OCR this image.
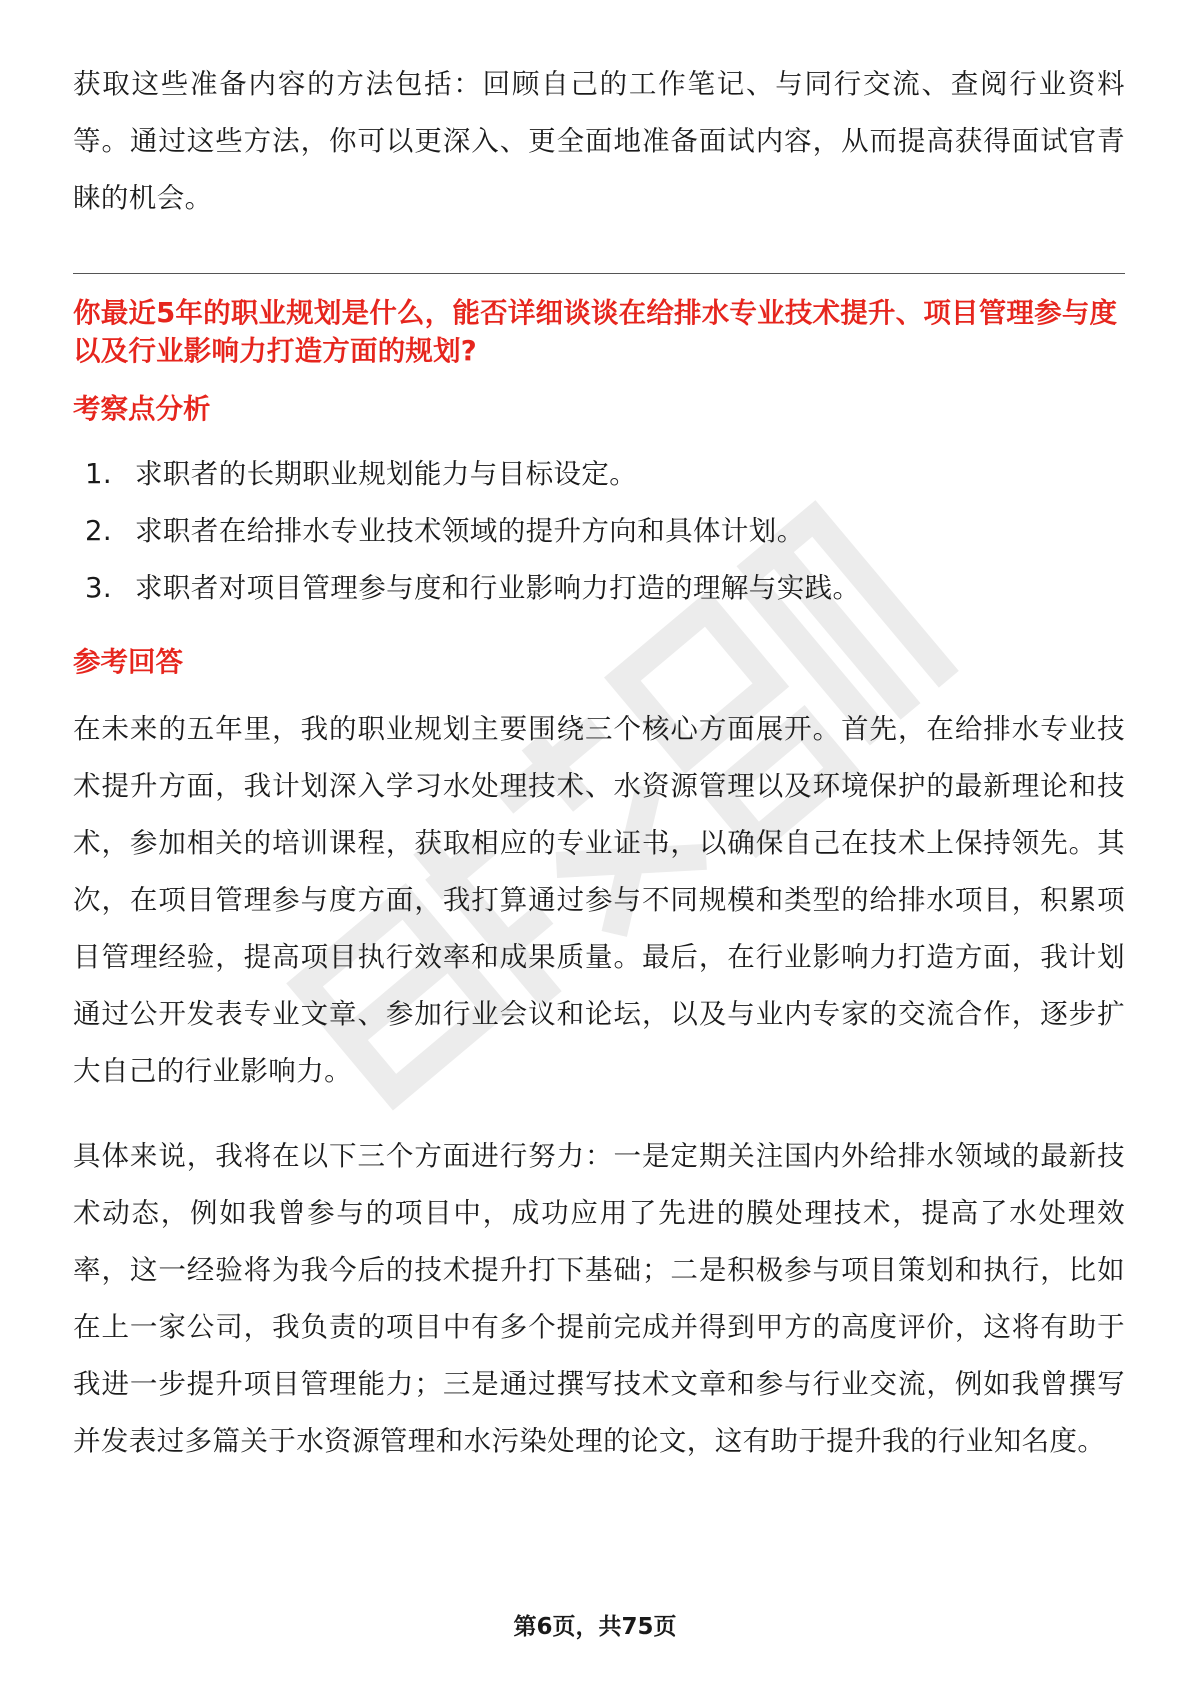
获取这些准备内容的方法包括：回顾自己的工作笔记、与同行交流、查阅行业资料等。通过这些方法，你可以更深入、更全面地准备面试内容，从而提高获得面试官青睐的机会。

你最近5年的职业规划是什么，能否详细谈谈在给排水专业技术提升、项目管理参与度以及行业影响力打造方面的规划?

考察点分析
1. 求职者的长期职业规划能力与目标设定。
2. 求职者在给排水专业技术领域的提升方向和具体计划。
3. 求职者对项目管理参与度和行业影响力打造的理解与实践。
参考回答

在未来的五年里，我的职业规划主要围绕三个核心方面展开。首先，在给排水专业技术提升方面，我计划深入学习水处理技术、水资源管理以及环境保护的最新理论和技术，参加相关的培训课程，获取相应的专业证书，以确保自己在技术上保持领先。其次，在项目管理参与度方面，我打算通过参与不同规模和类型的给排水项目，积累项目管理经验，提高项目执行效率和成果质量。最后，在行业影响力打造方面，我计划通过公开发表专业文章、参加行业会议和论坛，以及与业内专家的交流合作，逐步扩大自己的行业影响力。

具体来说，我将在以下三个方面进行努力：一是定期关注国内外给排水领域的最新技术动态，例如我曾参与的项目中，成功应用了先进的膜处理技术，提高了水处理效率，这一经验将为我今后的技术提升打下基础；二是积极参与项目策划和执行，比如在上一家公司，我负责的项目中有多个提前完成并得到甲方的高度评价，这将有助于我进一步提升项目管理能力；三是通过撰写技术文章和参与行业交流，例如我曾撰写并发表过多篇关于水资源管理和水污染处理的论文，这有助于提升我的行业知名度。

第6页，共75页
